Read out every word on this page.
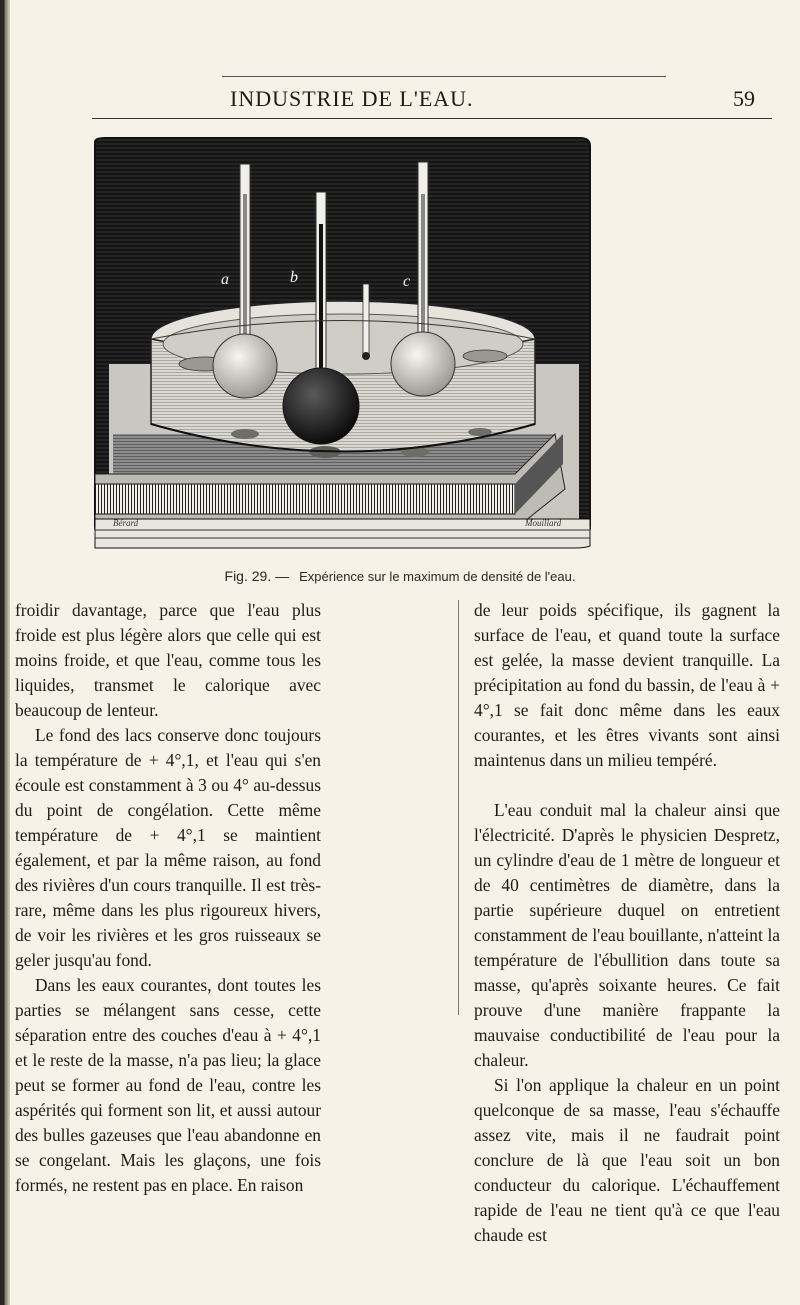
INDUSTRIE DE L'EAU.	59
a	b	c
Bérard	Mouillard
Fig. 29. — Expérience sur le maximum de densité de l'eau.

froidir davantage, parce que l'eau plus froide est plus légère alors que celle qui est moins froide, et que l'eau, comme tous les liquides, transmet le calorique avec beaucoup de lenteur.

Le fond des lacs conserve donc toujours la température de + 4°,1, et l'eau qui s'en écoule est constamment à 3 ou 4° au-dessus du point de congélation. Cette même température de + 4°,1 se maintient également, et par la même raison, au fond des rivières d'un cours tranquille. Il est très-rare, même dans les plus rigoureux hivers, de voir les rivières et les gros ruisseaux se geler jusqu'au fond.

Dans les eaux courantes, dont toutes les parties se mélangent sans cesse, cette séparation entre des couches d'eau à + 4°,1 et le reste de la masse, n'a pas lieu; la glace peut se former au fond de l'eau, contre les aspérités qui forment son lit, et aussi autour des bulles gazeuses que l'eau abandonne en se congelant. Mais les glaçons, une fois formés, ne restent pas en place. En raison

de leur poids spécifique, ils gagnent la surface de l'eau, et quand toute la surface est gelée, la masse devient tranquille. La précipitation au fond du bassin, de l'eau à + 4°,1 se fait donc même dans les eaux courantes, et les êtres vivants sont ainsi maintenus dans un milieu tempéré.

L'eau conduit mal la chaleur ainsi que l'électricité. D'après le physicien Despretz, un cylindre d'eau de 1 mètre de longueur et de 40 centimètres de diamètre, dans la partie supérieure duquel on entretient constamment de l'eau bouillante, n'atteint la température de l'ébullition dans toute sa masse, qu'après soixante heures. Ce fait prouve d'une manière frappante la mauvaise conductibilité de l'eau pour la chaleur.

Si l'on applique la chaleur en un point quelconque de sa masse, l'eau s'échauffe assez vite, mais il ne faudrait point conclure de là que l'eau soit un bon conducteur du calorique. L'échauffement rapide de l'eau ne tient qu'à ce que l'eau chaude est
